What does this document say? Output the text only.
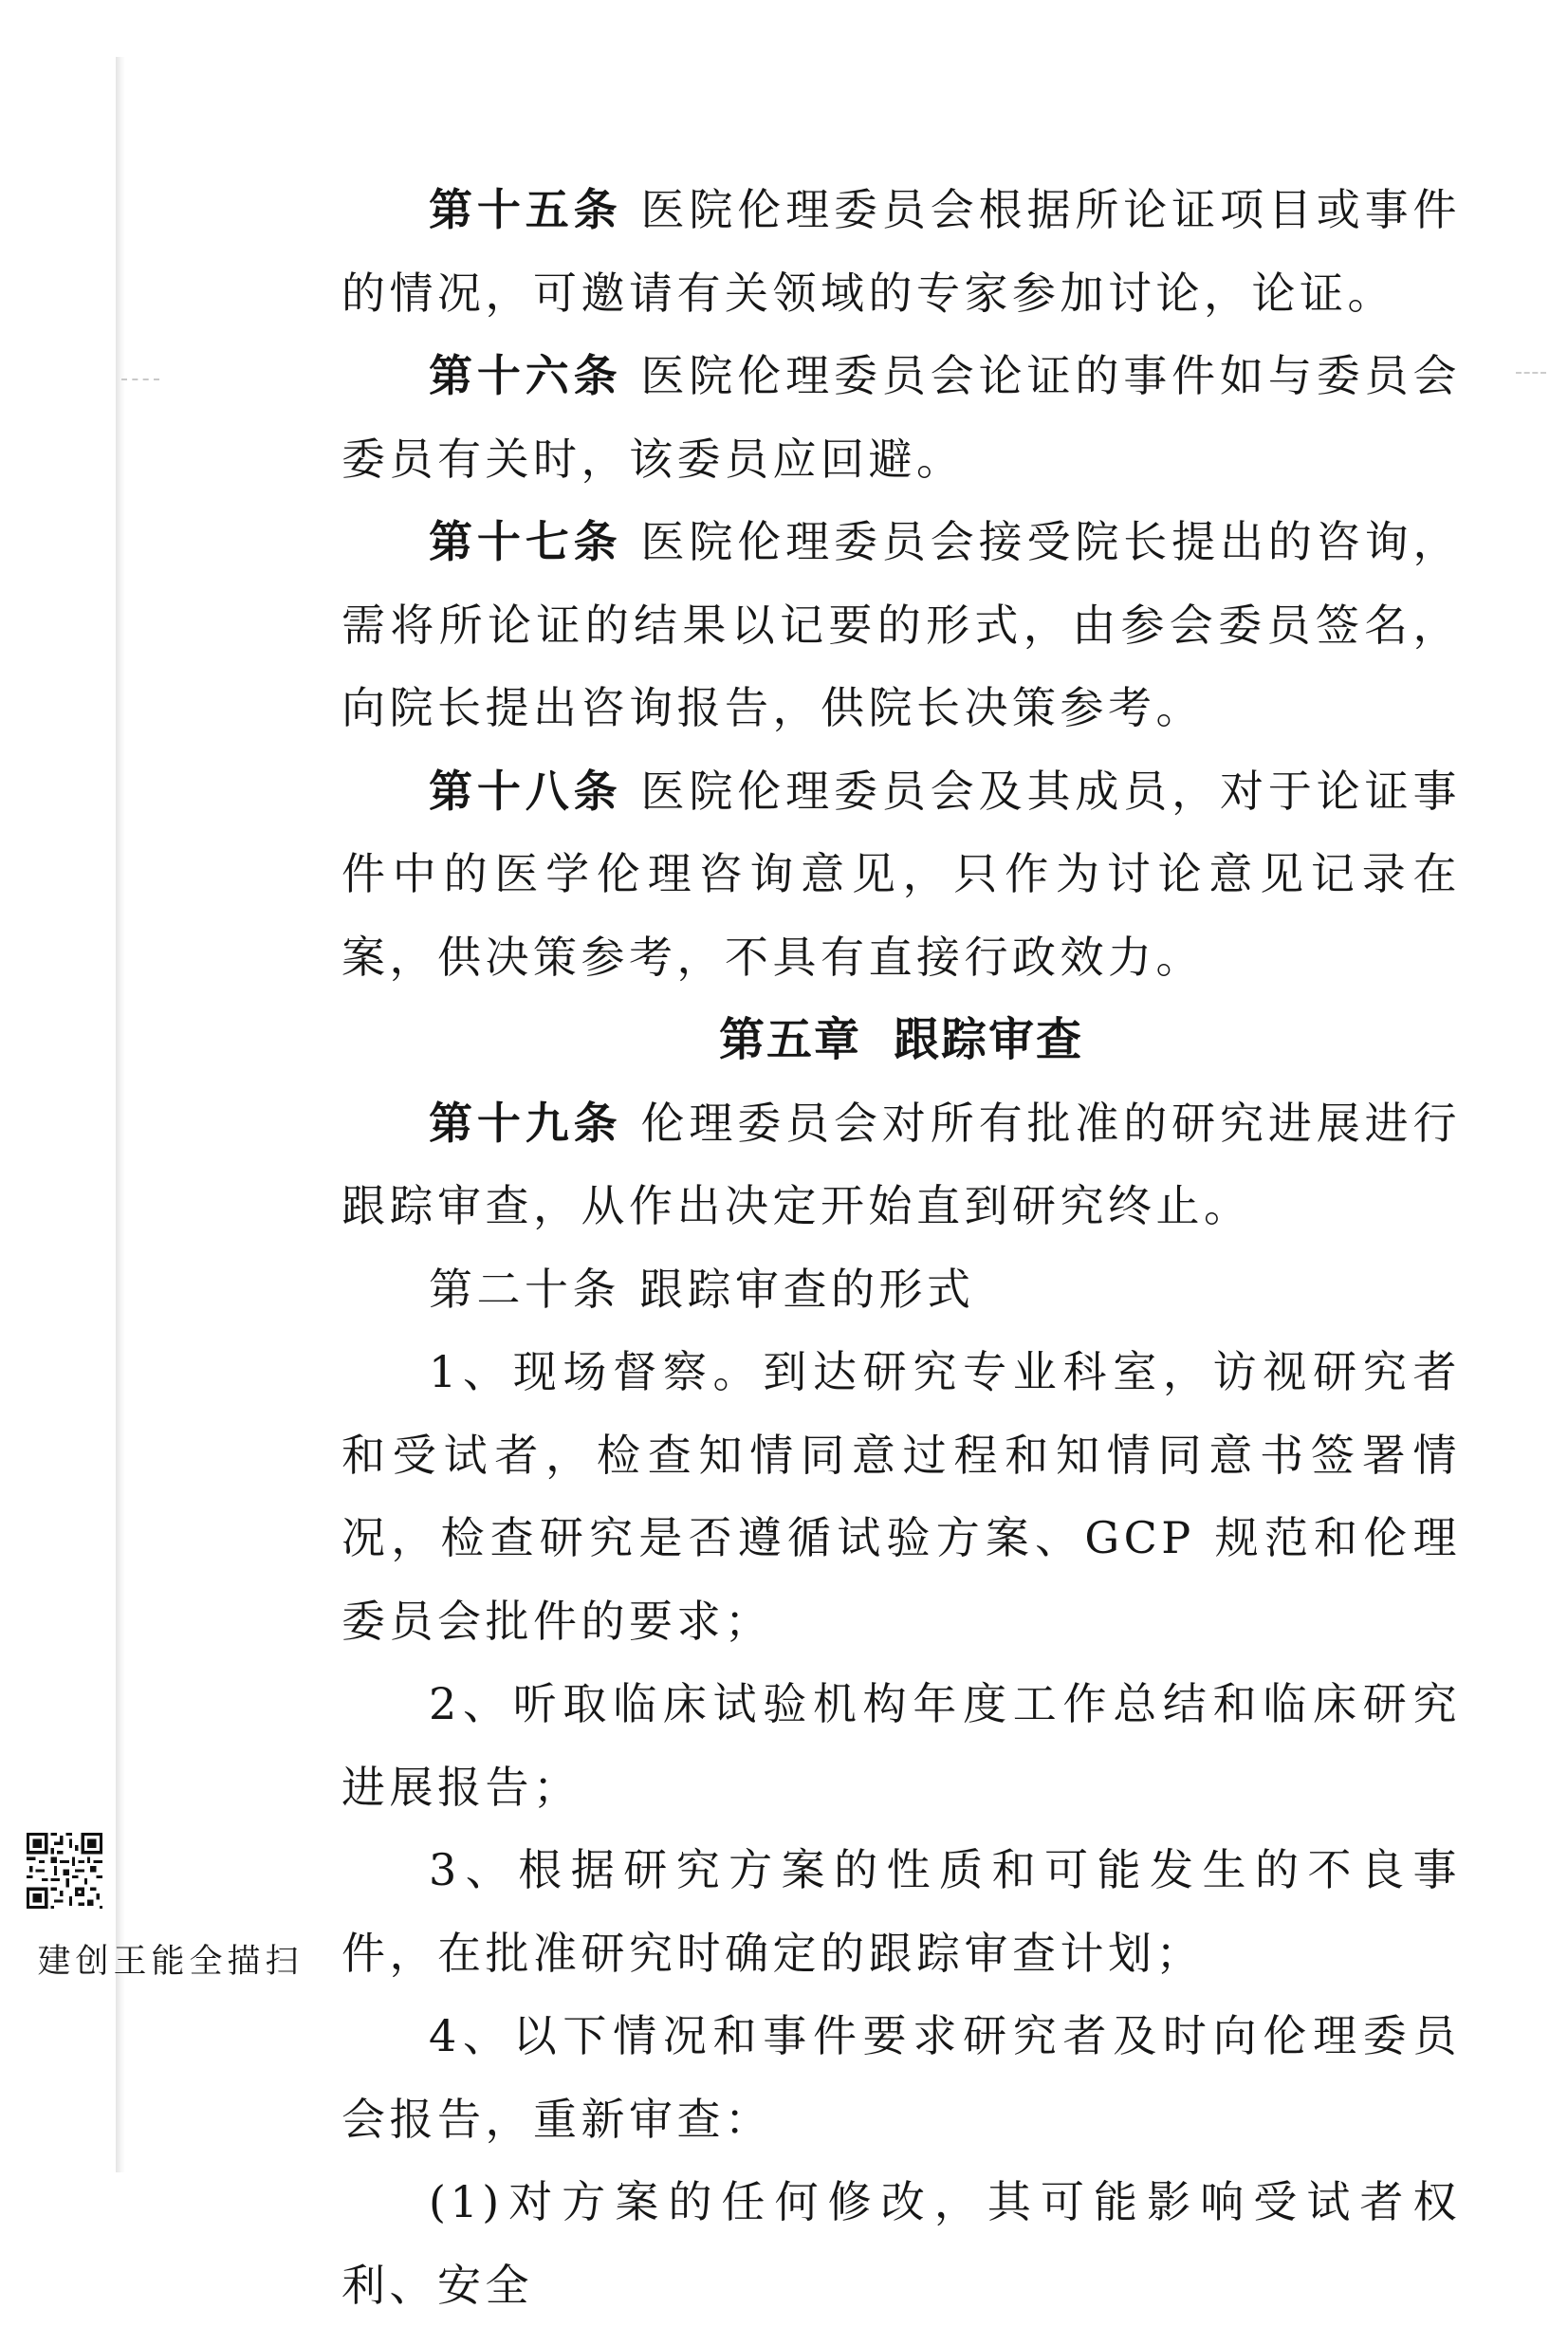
第十五条 医院伦理委员会根据所论证项目或事件的情况，可邀请有关领域的专家参加讨论，论证。

第十六条 医院伦理委员会论证的事件如与委员会委员有关时，该委员应回避。

第十七条 医院伦理委员会接受院长提出的咨询，需将所论证的结果以记要的形式，由参会委员签名，向院长提出咨询报告，供院长决策参考。

第十八条 医院伦理委员会及其成员，对于论证事件中的医学伦理咨询意见，只作为讨论意见记录在案，供决策参考，不具有直接行政效力。

第五章 跟踪审查

第十九条 伦理委员会对所有批准的研究进展进行跟踪审查，从作出决定开始直到研究终止。

第二十条 跟踪审查的形式

1、现场督察。到达研究专业科室，访视研究者和受试者，检查知情同意过程和知情同意书签署情况，检查研究是否遵循试验方案、GCP 规范和伦理委员会批件的要求；

2、听取临床试验机构年度工作总结和临床研究进展报告；

3、根据研究方案的性质和可能发生的不良事件，在批准研究时确定的跟踪审查计划；

4、以下情况和事件要求研究者及时向伦理委员会报告，重新审查：

(1)对方案的任何修改，其可能影响受试者权利、安全

扫描全能王 创建
